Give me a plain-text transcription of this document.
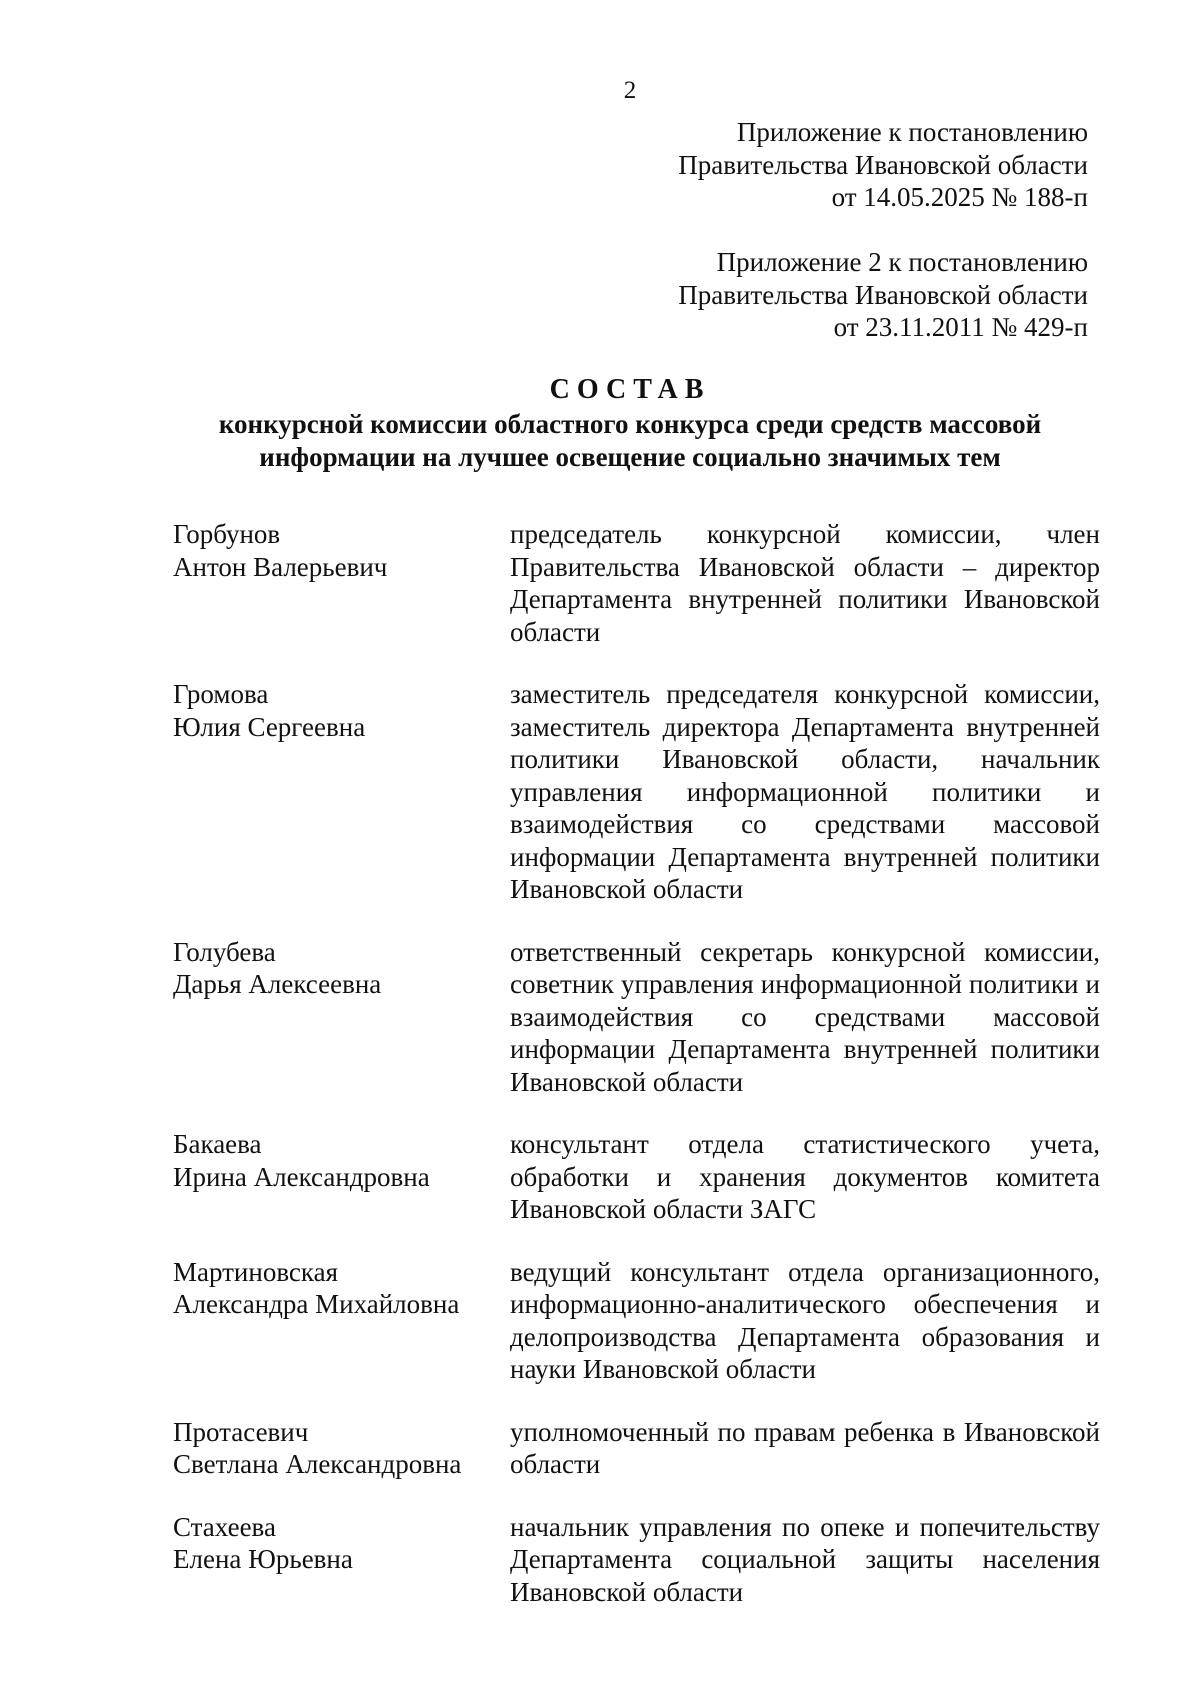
2
Приложение к постановлению
Правительства Ивановской области
от 14.05.2025 № 188-п
Приложение 2 к постановлению
Правительства Ивановской области
от 23.11.2011 № 429-п
СОСТАВ
конкурсной комиссии областного конкурса среди средств массовой
информации на лучшее освещение социально значимых тем
Горбунов
Антон Валерьевич
председатель конкурсной комиссии, член Правительства Ивановской области – директор Департамента внутренней политики Ивановской области
Громова
Юлия Сергеевна
заместитель председателя конкурсной комиссии, заместитель директора Департамента внутренней политики Ивановской области, начальник управления информационной политики и взаимодействия со средствами массовой информации Департамента внутренней политики Ивановской области
Голубева
Дарья Алексеевна
ответственный секретарь конкурсной комиссии, советник управления информационной политики и взаимодействия со средствами массовой информации Департамента внутренней политики Ивановской области
Бакаева
Ирина Александровна
консультант отдела статистического учета, обработки и хранения документов комитета Ивановской области ЗАГС
Мартиновская
Александра Михайловна
ведущий консультант отдела организационного, информационно-аналитического обеспечения и делопроизводства Департамента образования и науки Ивановской области
Протасевич
Светлана Александровна
уполномоченный по правам ребенка в Ивановской области
Стахеева
Елена Юрьевна
начальник управления по опеке и попечительству Департамента социальной защиты населения Ивановской области
